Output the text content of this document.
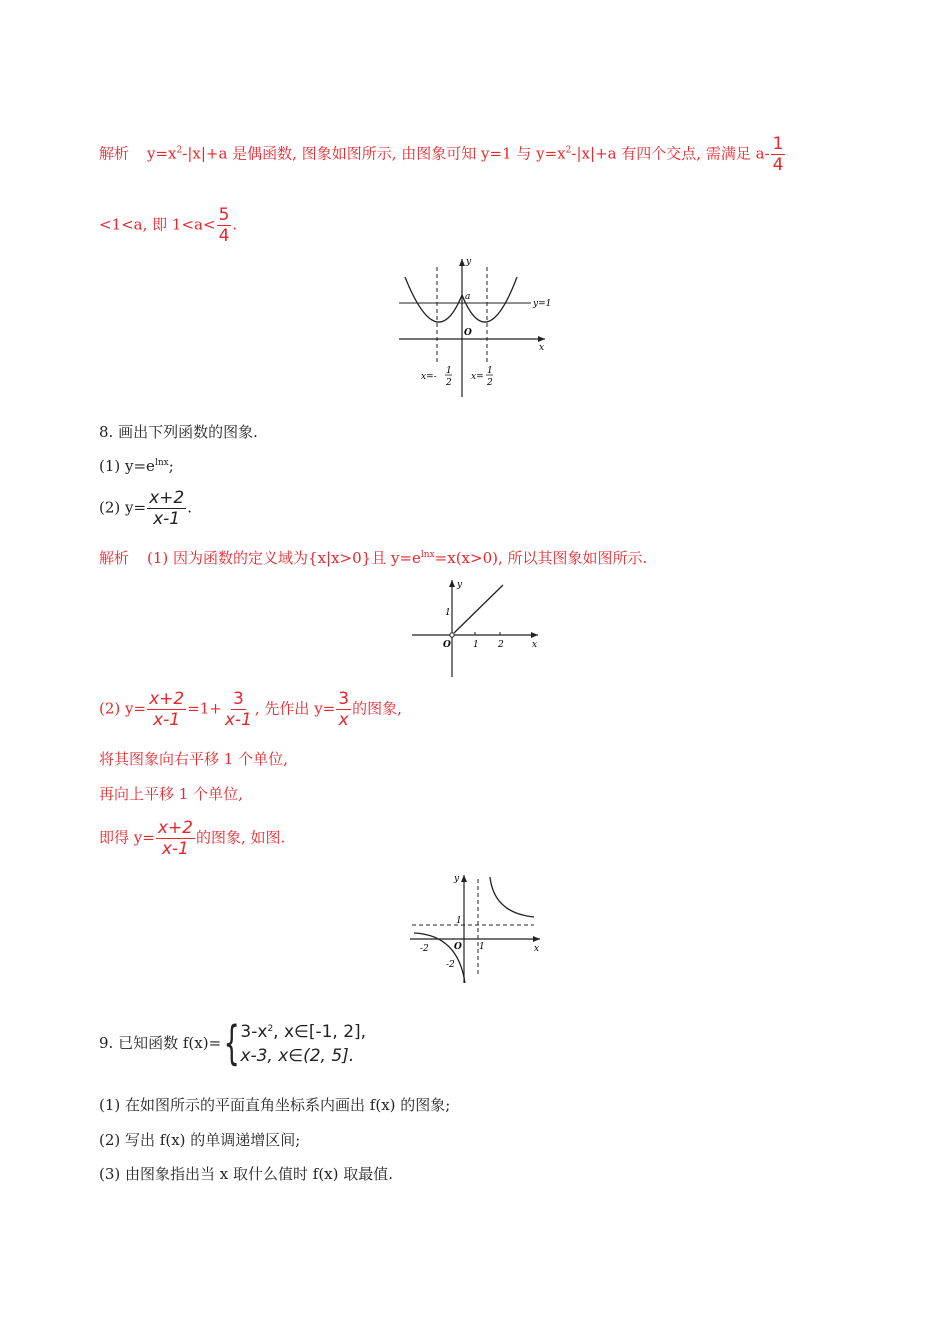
解析 $y=x^2-|x|+a$ 是偶函数, 图象如图所示, 由图象可知 y=1 与 $y=x^2-|x|+a$ 有四个交点, 需满足 $a- \frac{1}{4}$
<1<a, 即 $1<a< \frac{5}{4}$ .
y
x
a
O
y=1
x=-
1
2
x=
1
2
8. 画出下列函数的图象.
(1) $y=e^{lnx}$;
(2) $y= \frac{x+2}{x-1}$ .
解析 (1) 因为函数的定义域为{x|x>0}且 $y=e^{lnx}=x(x>0)$, 所以其图象如图所示.
y
x
O
1
1 2
(2) $y= \frac{x+2}{x-1} =1+ \frac{3}{x-1}$ , 先作出 $y= \frac{3}{x}$ 的图象,
将其图象向右平移 1 个单位,
再向上平移 1 个单位,
即得 $y= \frac{x+2}{x-1}$ 的图象, 如图.
y
x
O
1
1
-2
-2
9. 已知函数 f(x)= { $3-x^2$, x∈[-1, 2],
x-3, x∈(2, 5].
(1) 在如图所示的平面直角坐标系内画出 f(x) 的图象;
(2) 写出 f(x) 的单调递增区间;
(3) 由图象指出当 x 取什么值时 f(x) 取最值.
